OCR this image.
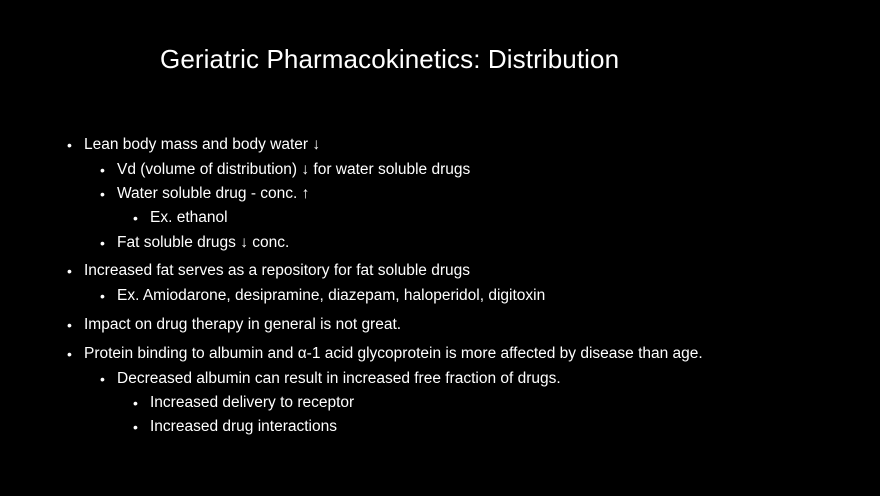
Geriatric Pharmacokinetics: Distribution
• Lean body mass and body water ↓
• Vd (volume of distribution) ↓ for water soluble drugs
• Water soluble drug - conc. ↑
• Ex. ethanol
• Fat soluble drugs ↓ conc.
• Increased fat serves as a repository for fat soluble drugs
• Ex. Amiodarone, desipramine, diazepam, haloperidol, digitoxin
• Impact on drug therapy in general is not great.
• Protein binding to albumin and α-1 acid glycoprotein is more affected by disease than age.
• Decreased albumin can result in increased free fraction of drugs.
• Increased delivery to receptor
• Increased drug interactions
